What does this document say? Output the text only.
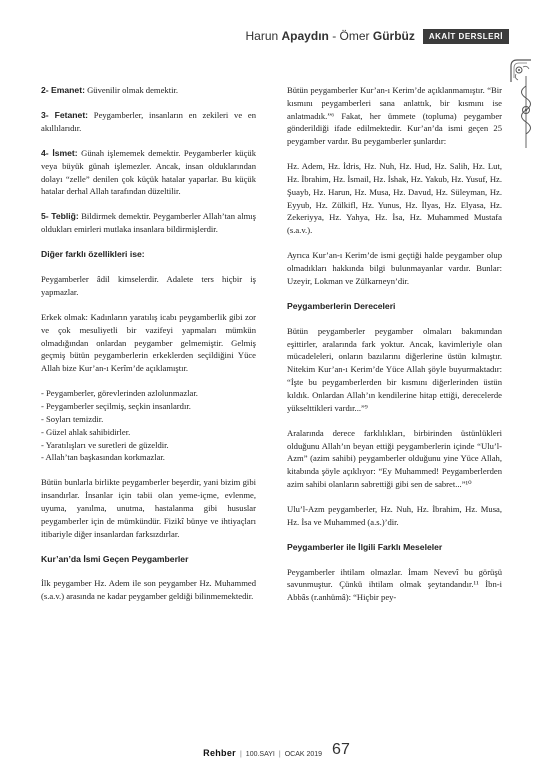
Harun Apaydın - Ömer Gürbüz	AKAİT DERSLERİ

2- Emanet: Güvenilir olmak demektir.

3- Fetanet: Peygamberler, insanların en zekileri ve en akıllılarıdır.

4- İsmet: Günah işlememek demektir. Peygamberler küçük veya büyük günah işlemezler. Ancak, insan olduklarından dolayı “zelle” denilen çok küçük hatalar yaparlar. Bu küçük hatalar derhal Allah tarafından düzeltilir.

5- Tebliğ: Bildirmek demektir. Peygamberler Allah’tan almış oldukları emirleri mutlaka insanlara bildirmişlerdir.

Diğer farklı özellikleri ise:

Peygamberler âdil kimselerdir. Adalete ters hiçbir iş yapmazlar.

Erkek olmak: Kadınların yaratılış icabı peygamberlik gibi zor ve çok mesuliyetli bir vazifeyi yapmaları mümkün olmadığından onlardan peygamber gelmemiştir. Gelmiş geçmiş bütün peygamberlerin erkeklerden seçildiğini Yüce Allah bize Kur’an-ı Kerîm’de açıklamıştır.

- Peygamberler, görevlerinden azlolunmazlar.
- Peygamberler seçilmiş, seçkin insanlardır.
- Soyları temizdir.
- Güzel ahlak sahibidirler.
- Yaratılışları ve suretleri de güzeldir.
- Allah’tan başkasından korkmazlar.

Bütün bunlarla birlikte peygamberler beşerdir, yani bizim gibi insandırlar. İnsanlar için tabii olan yeme-içme, evlenme, uyuma, yanılma, unutma, hastalanma gibi hususlar peygamberler için de mümkündür. Fizikî bünye ve ihtiyaçları itibariyle diğer insanlardan farksızdırlar.

Kur’an’da İsmi Geçen Peygamberler

İlk peygamber Hz. Adem ile son peygamber Hz. Muhammed (s.a.v.) arasında ne kadar peygamber geldiği bilinmemektedir.

Bütün peygamberler Kur’an-ı Kerim’de açıklanmamıştır. “Bir kısmını peygamberleri sana anlattık, bir kısmını ise anlatmadık.”⁶ Fakat, her ümmete (topluma) peygamber gönderildiği ifade edilmektedir. Kur’an’da ismi geçen 25 peygamber vardır. Bu peygamberler şunlardır:

Hz. Adem, Hz. İdris, Hz. Nuh, Hz. Hud, Hz. Salih, Hz. Lut, Hz. İbrahim, Hz. İsmail, Hz. İshak, Hz. Yakub, Hz. Yusuf, Hz. Şuayb, Hz. Harun, Hz. Musa, Hz. Davud, Hz. Süleyman, Hz. Eyyub, Hz. Zülkifl, Hz. Yunus, Hz. İlyas, Hz. Elyasa, Hz. Zekeriyya, Hz. Yahya, Hz. İsa, Hz. Muhammed Mustafa (s.a.v.).

Ayrıca Kur’an-ı Kerim’de ismi geçtiği halde peygamber olup olmadıkları hakkında bilgi bulunmayanlar vardır. Bunlar: Uzeyir, Lokman ve Zülkarneyn’dir.

Peygamberlerin Dereceleri

Bütün peygamberler peygamber olmaları bakımından eşittirler, aralarında fark yoktur. Ancak, kavimleriyle olan mücadeleleri, onların bazılarını diğerlerine üstün kılmıştır. Nitekim Kur’an-ı Kerim’de Yüce Allah şöyle buyurmaktadır: “İşte bu peygamberlerden bir kısmını diğerlerinden üstün kıldık. Onlardan Allah’ın kendilerine hitap ettiği, derecelerde yükselttikleri vardır...”⁹

Aralarında derece farklılıkları, birbirinden üstünlükleri olduğunu Allah’ın beyan ettiği peygamberlerin içinde “Ulu’l-Azm” (azim sahibi) peygamberler olduğunu yine Yüce Allah, kitabında şöyle açıklıyor: “Ey Muhammed! Peygamberlerden azim sahibi olanların sabrettiği gibi sen de sabret...”¹⁰

Ulu’l-Azm peygamberler, Hz. Nuh, Hz. İbrahim, Hz. Musa, Hz. İsa ve Muhammed (a.s.)’dir.

Peygamberler ile İlgili Farklı Meseleler

Peygamberler ihtilam olmazlar. İmam Nevevî bu görüşü savunmuştur. Çünkü ihtilam olmak şeytandandır.¹¹ İbn-i Abbâs (r.anhümâ): “Hiçbir pey-

Rehber | 100.SAYI | OCAK 2019 67
